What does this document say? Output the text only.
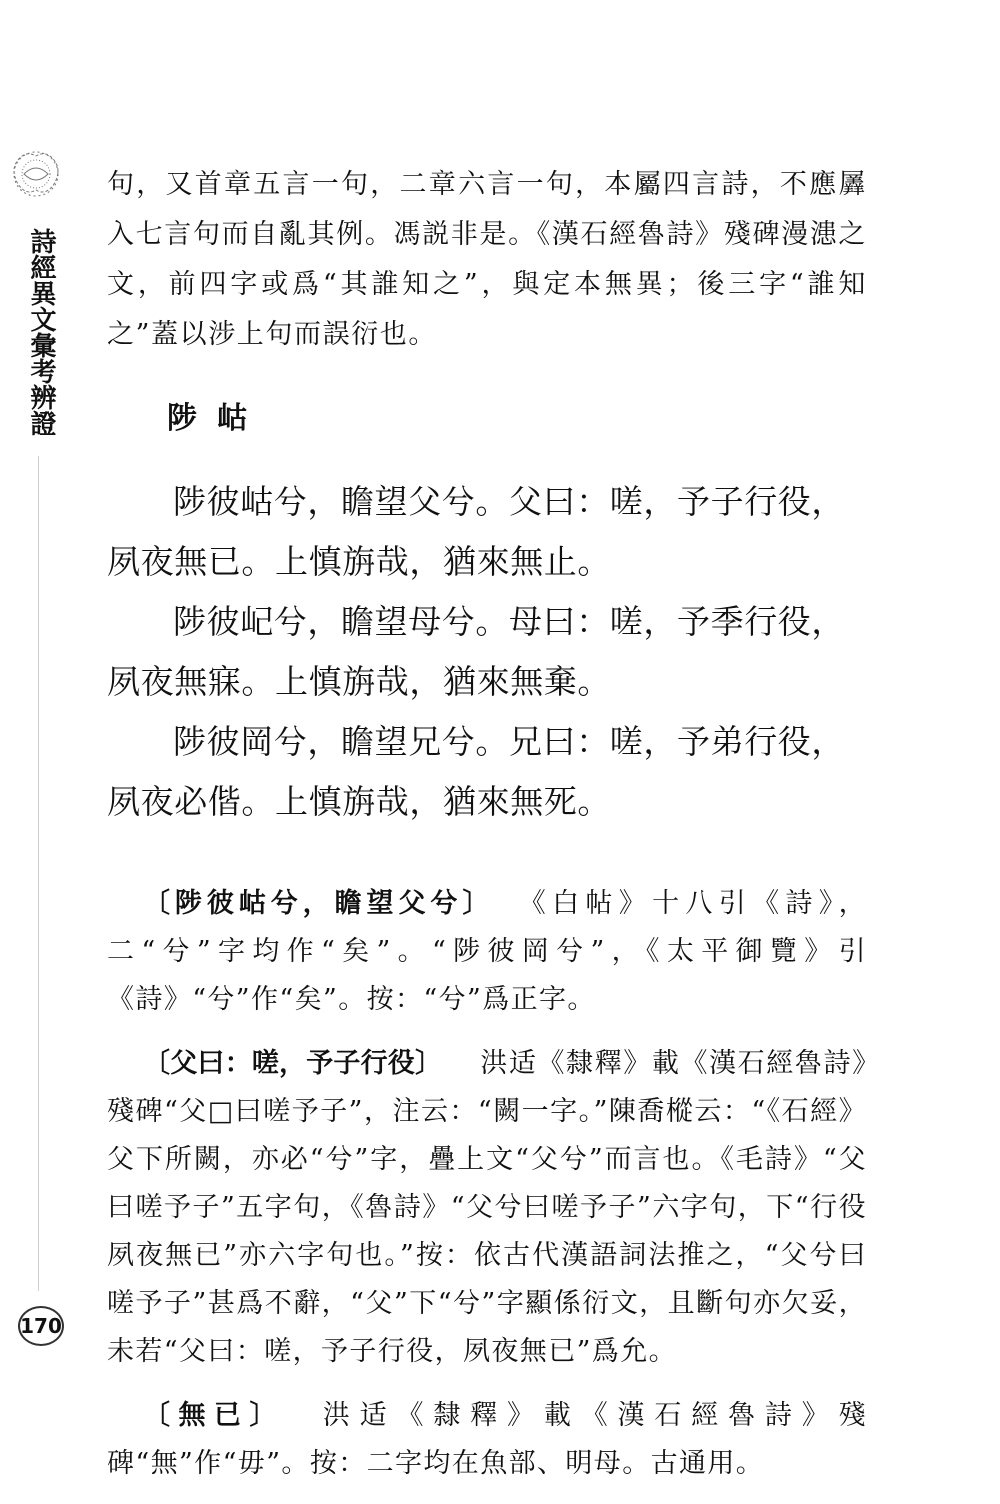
詩經異文彙考辨證
170

句，又首章五言一句，二章六言一句，本屬四言詩，不應羼入七言句而自亂其例。馮説非是。《漢石經魯詩》殘碑漫漶之文，前四字或爲“其誰知之”，與定本無異；後三字“誰知之”蓋以涉上句而誤衍也。

陟岵

陟彼岵兮，瞻望父兮。父曰：嗟，予子行役，夙夜無已。上慎旃哉，猶來無止。

陟彼屺兮，瞻望母兮。母曰：嗟，予季行役，夙夜無寐。上慎旃哉，猶來無棄。

陟彼岡兮，瞻望兄兮。兄曰：嗟，予弟行役，夙夜必偕。上慎旃哉，猶來無死。

〔陟彼岵兮，瞻望父兮〕 《白帖》十八引《詩》，二“兮”字均作“矣”。“陟彼岡兮”，《太平御覽》引《詩》“兮”作“矣”。按：“兮”爲正字。

〔父曰：嗟，予子行役〕 洪适《隸釋》載《漢石經魯詩》殘碑“父□曰嗟予子”，注云：“闕一字。”陳喬樅云：“《石經》父下所闕，亦必“兮”字，疊上文“父兮”而言也。《毛詩》“父曰嗟予子”五字句，《魯詩》“父兮曰嗟予子”六字句，下“行役夙夜無已”亦六字句也。”按：依古代漢語詞法推之，“父兮曰嗟予子”甚爲不辭，“父”下“兮”字顯係衍文，且斷句亦欠妥，未若“父曰：嗟，予子行役，夙夜無已”爲允。

〔無已〕 洪适《隸釋》載《漢石經魯詩》殘碑“無”作“毋”。按：二字均在魚部、明母。古通用。
